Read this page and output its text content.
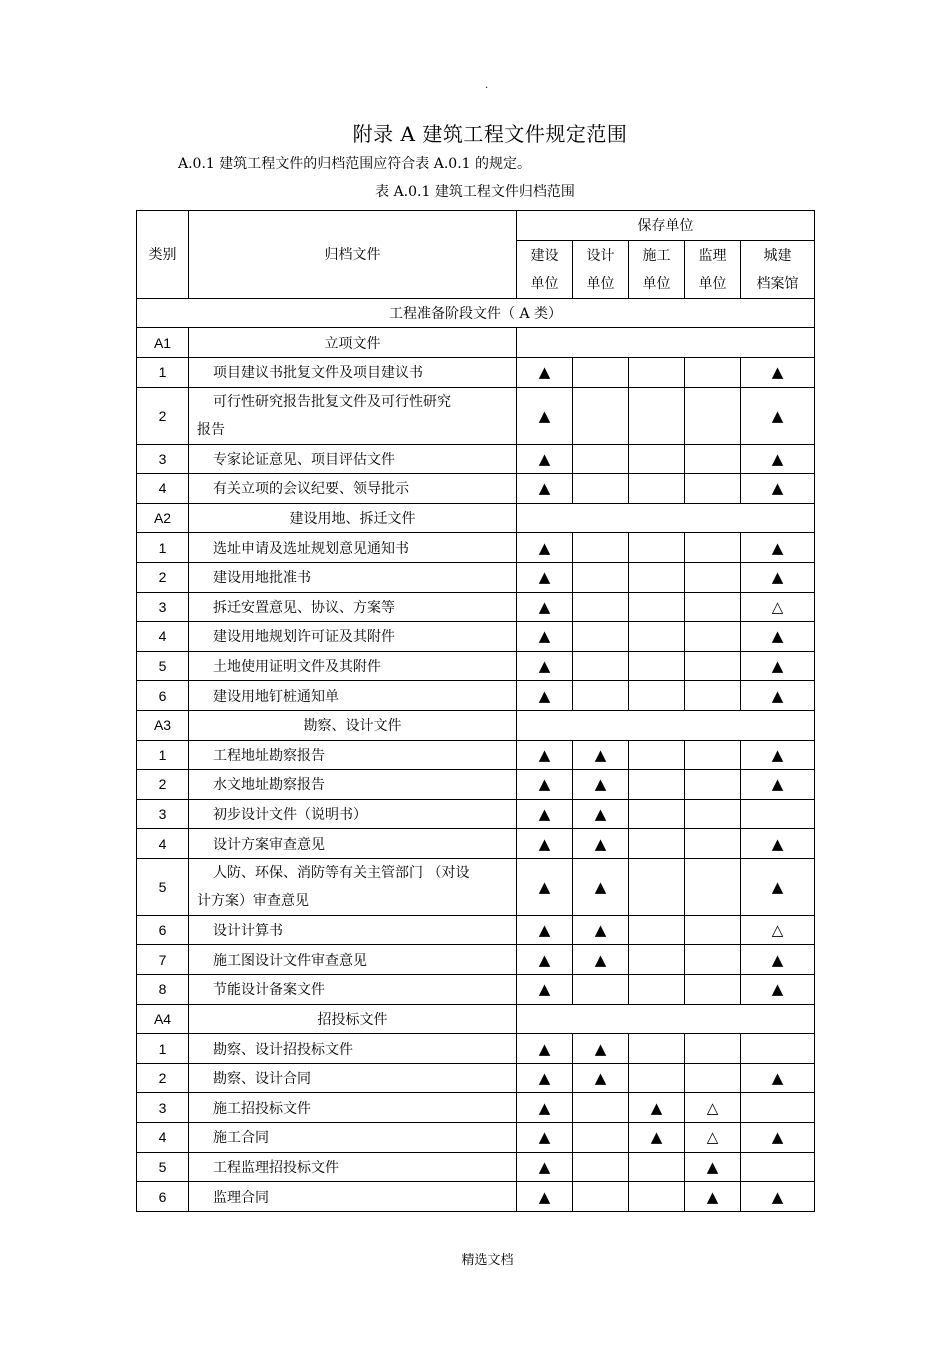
.
附录 A 建筑工程文件规定范围
A.0.1 建筑工程文件的归档范围应符合表 A.0.1 的规定。
表 A.0.1 建筑工程文件归档范围
类别	归档文件	保存单位				
		建设	设计	施工	监理	城建
		单位	单位	单位	单位	档案馆
工程准备阶段文件（ A 类）						
A1	立项文件					
1	项目建议书批复文件及项目建议书	▲				▲
2	可行性研究报告批复文件及可行性研究
报告	▲				▲
3	专家论证意见、项目评估文件	▲				▲
4	有关立项的会议纪要、领导批示	▲				▲
A2	建设用地、拆迁文件					
1	选址申请及选址规划意见通知书	▲				▲
2	建设用地批准书	▲				▲
3	拆迁安置意见、协议、方案等	▲				△
4	建设用地规划许可证及其附件	▲				▲
5	土地使用证明文件及其附件	▲				▲
6	建设用地钉桩通知单	▲				▲
A3	勘察、设计文件					
1	工程地址勘察报告	▲	▲			▲
2	水文地址勘察报告	▲	▲			▲
3	初步设计文件（说明书）	▲	▲			
4	设计方案审查意见	▲	▲			▲
5	人防、环保、消防等有关主管部门 （对设
计方案）审查意见	▲	▲			▲
6	设计计算书	▲	▲			△
7	施工图设计文件审查意见	▲	▲			▲
8	节能设计备案文件	▲				▲
A4	招投标文件					
1	勘察、设计招投标文件	▲	▲			
2	勘察、设计合同	▲	▲			▲
3	施工招投标文件	▲		▲	△	
4	施工合同	▲		▲	△	▲
5	工程监理招投标文件	▲			▲	
6	监理合同	▲			▲	▲
精选文档
